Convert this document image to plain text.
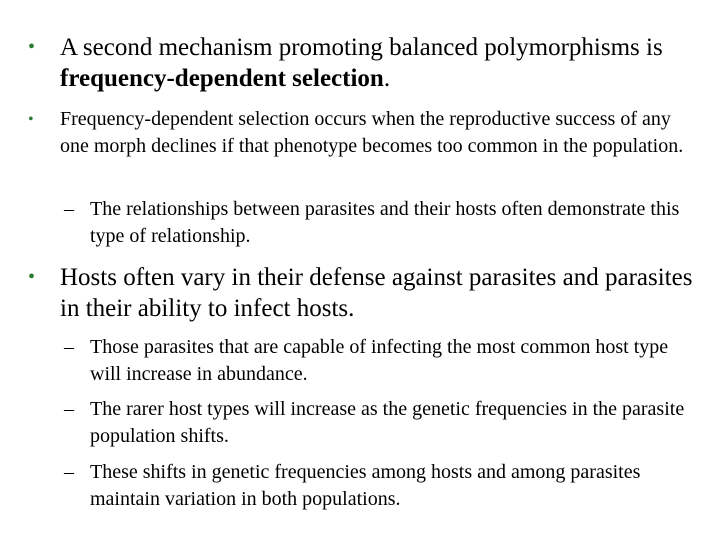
• A second mechanism promoting balanced polymorphisms is frequency-dependent selection.
•	Frequency-dependent selection occurs when the reproductive success of any one morph declines if that phenotype becomes too common in the population.
– The relationships between parasites and their hosts often demonstrate this type of relationship.
• Hosts often vary in their defense against parasites and parasites in their ability to infect hosts.
– Those parasites that are capable of infecting the most common host type will increase in abundance.
– The rarer host types will increase as the genetic frequencies in the parasite population shifts.
– These shifts in genetic frequencies among hosts and among parasites maintain variation in both populations.
